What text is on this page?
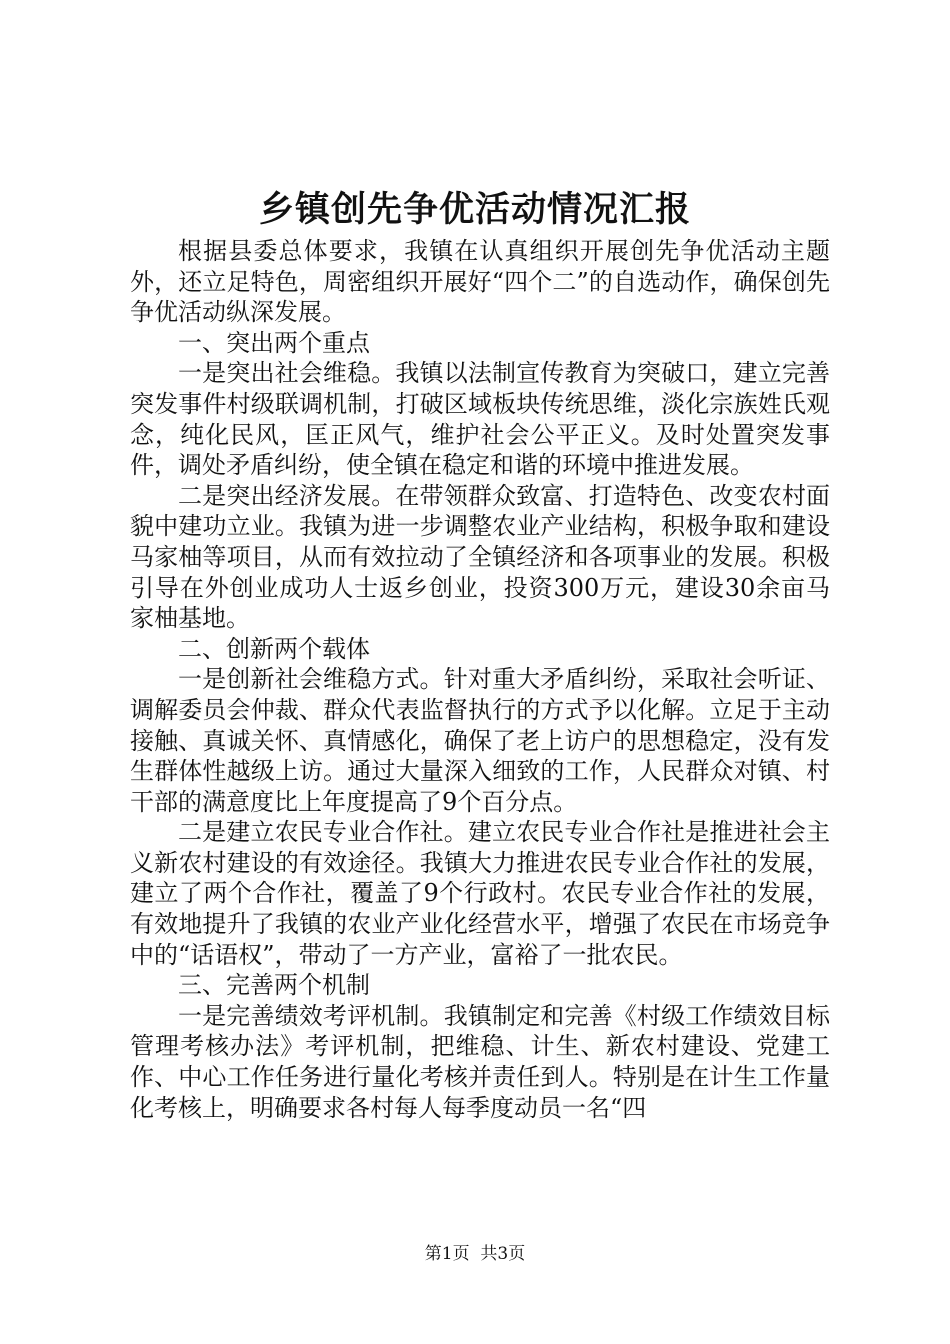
乡镇创先争优活动情况汇报

根据县委总体要求，我镇在认真组织开展创先争优活动主题外，还立足特色，周密组织开展好“四个二”的自选动作，确保创先争优活动纵深发展。

一、突出两个重点

一是突出社会维稳。我镇以法制宣传教育为突破口，建立完善突发事件村级联调机制，打破区域板块传统思维，淡化宗族姓氏观念，纯化民风，匡正风气，维护社会公平正义。及时处置突发事件，调处矛盾纠纷，使全镇在稳定和谐的环境中推进发展。

二是突出经济发展。在带领群众致富、打造特色、改变农村面貌中建功立业。我镇为进一步调整农业产业结构，积极争取和建设马家柚等项目，从而有效拉动了全镇经济和各项事业的发展。积极引导在外创业成功人士返乡创业，投资300万元，建设30余亩马家柚基地。

二、创新两个载体

一是创新社会维稳方式。针对重大矛盾纠纷，采取社会听证、调解委员会仲裁、群众代表监督执行的方式予以化解。立足于主动接触、真诚关怀、真情感化，确保了老上访户的思想稳定，没有发生群体性越级上访。通过大量深入细致的工作，人民群众对镇、村干部的满意度比上年度提高了9个百分点。

二是建立农民专业合作社。建立农民专业合作社是推进社会主义新农村建设的有效途径。我镇大力推进农民专业合作社的发展，建立了两个合作社，覆盖了9个行政村。农民专业合作社的发展，有效地提升了我镇的农业产业化经营水平，增强了农民在市场竞争中的“话语权”，带动了一方产业，富裕了一批农民。

三、完善两个机制

一是完善绩效考评机制。我镇制定和完善《村级工作绩效目标管理考核办法》考评机制，把维稳、计生、新农村建设、党建工作、中心工作任务进行量化考核并责任到人。特别是在计生工作量化考核上，明确要求各村每人每季度动员一名“四

第1页  共3页
